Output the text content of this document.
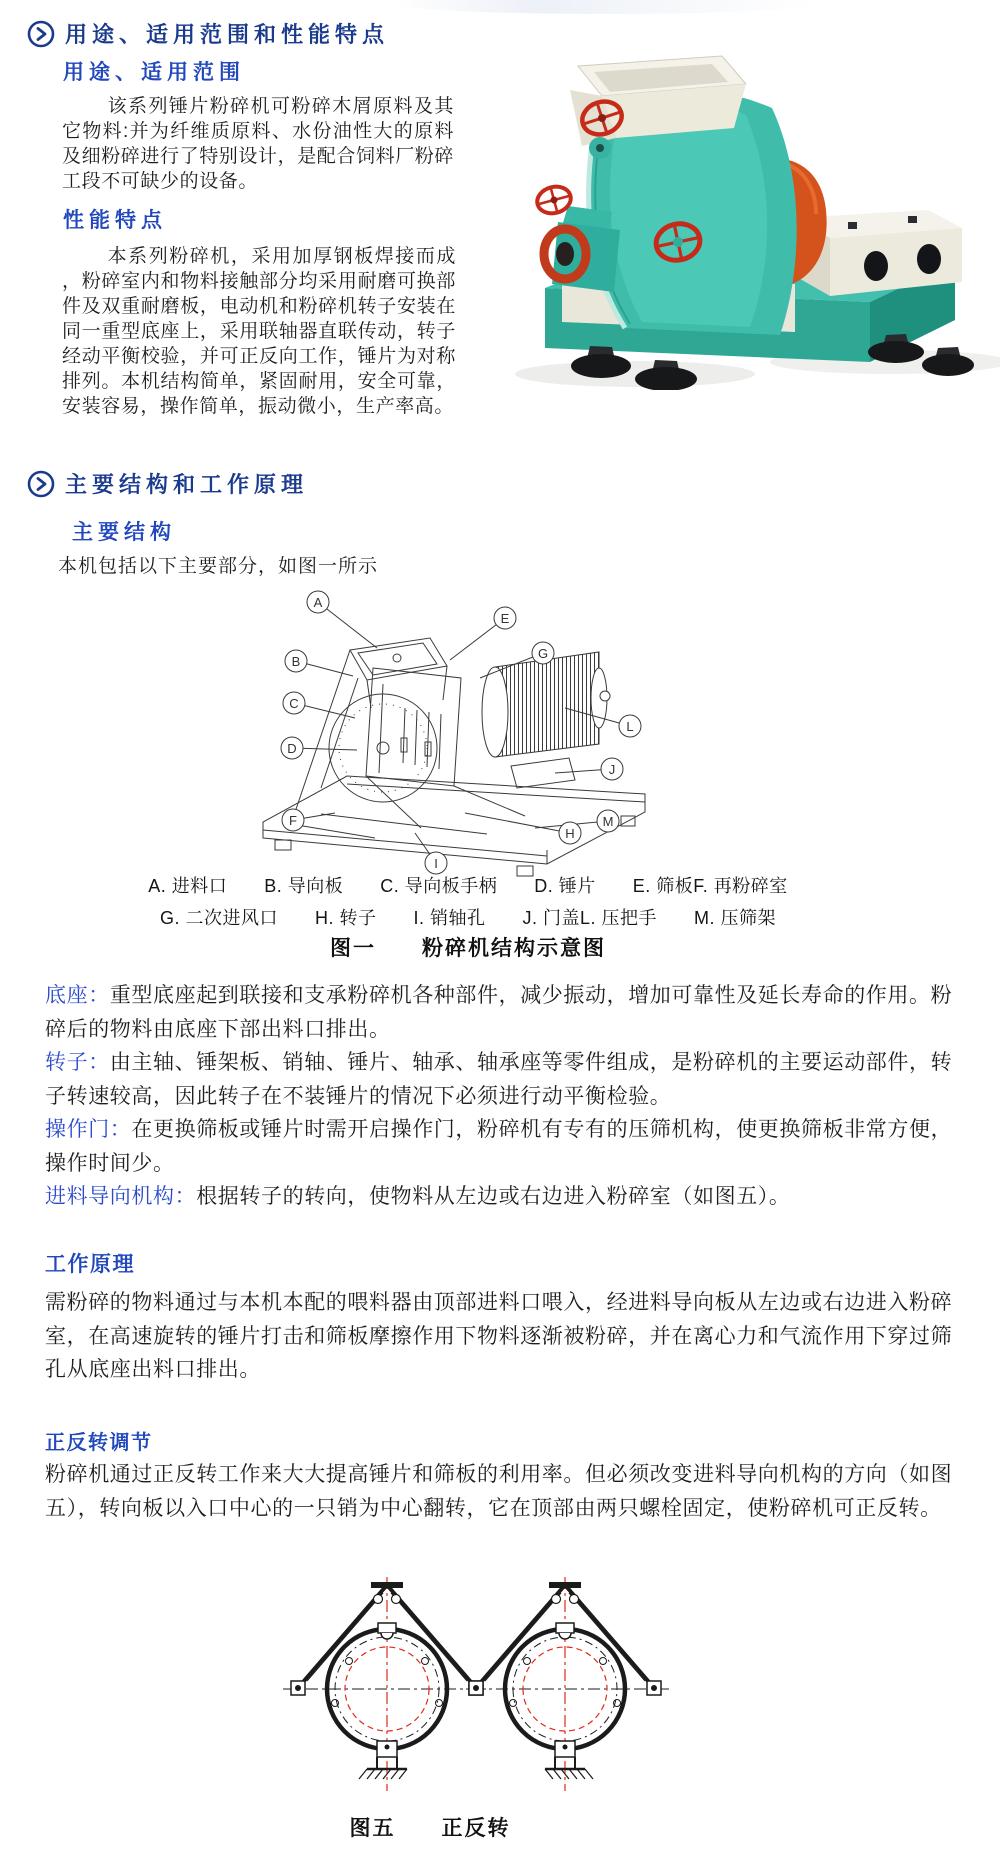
用途、适用范围和性能特点
用途、适用范围

该系列锤片粉碎机可粉碎木屑原料及其它物料:并为纤维质原料、水份油性大的原料及细粉碎进行了特别设计，是配合饲料厂粉碎工段不可缺少的设备。

性能特点

本系列粉碎机，采用加厚钢板焊接而成，粉碎室内和物料接触部分均采用耐磨可换部件及双重耐磨板，电动机和粉碎机转子安装在同一重型底座上，采用联轴器直联传动，转子经动平衡校验，并可正反向工作，锤片为对称排列。本机结构简单，紧固耐用，安全可靠，安装容易，操作简单，振动微小，生产率高。

主要结构和工作原理
主要结构
本机包括以下主要部分，如图一所示
A
B
C
D
E
F
G
H
I
J
L
M
A. 进料口　　B. 导向板　　C. 导向板手柄　　D. 锤片　　E. 筛板F. 再粉碎室
G. 二次进风口　　H. 转子　　I. 销轴孔　　J. 门盖L. 压把手　　M. 压筛架
图一　　粉碎机结构示意图

底座：重型底座起到联接和支承粉碎机各种部件，减少振动，增加可靠性及延长寿命的作用。粉碎后的物料由底座下部出料口排出。

转子：由主轴、锤架板、销轴、锤片、轴承、轴承座等零件组成，是粉碎机的主要运动部件，转子转速较高，因此转子在不装锤片的情况下必须进行动平衡检验。

操作门：在更换筛板或锤片时需开启操作门，粉碎机有专有的压筛机构，使更换筛板非常方便，操作时间少。

进料导向机构：根据转子的转向，使物料从左边或右边进入粉碎室（如图五）。

工作原理

需粉碎的物料通过与本机本配的喂料器由顶部进料口喂入，经进料导向板从左边或右边进入粉碎室，在高速旋转的锤片打击和筛板摩擦作用下物料逐渐被粉碎，并在离心力和气流作用下穿过筛孔从底座出料口排出。

正反转调节

粉碎机通过正反转工作来大大提高锤片和筛板的利用率。但必须改变进料导向机构的方向（如图五），转向板以入口中心的一只销为中心翻转，它在顶部由两只螺栓固定，使粉碎机可正反转。

图五　　正反转
